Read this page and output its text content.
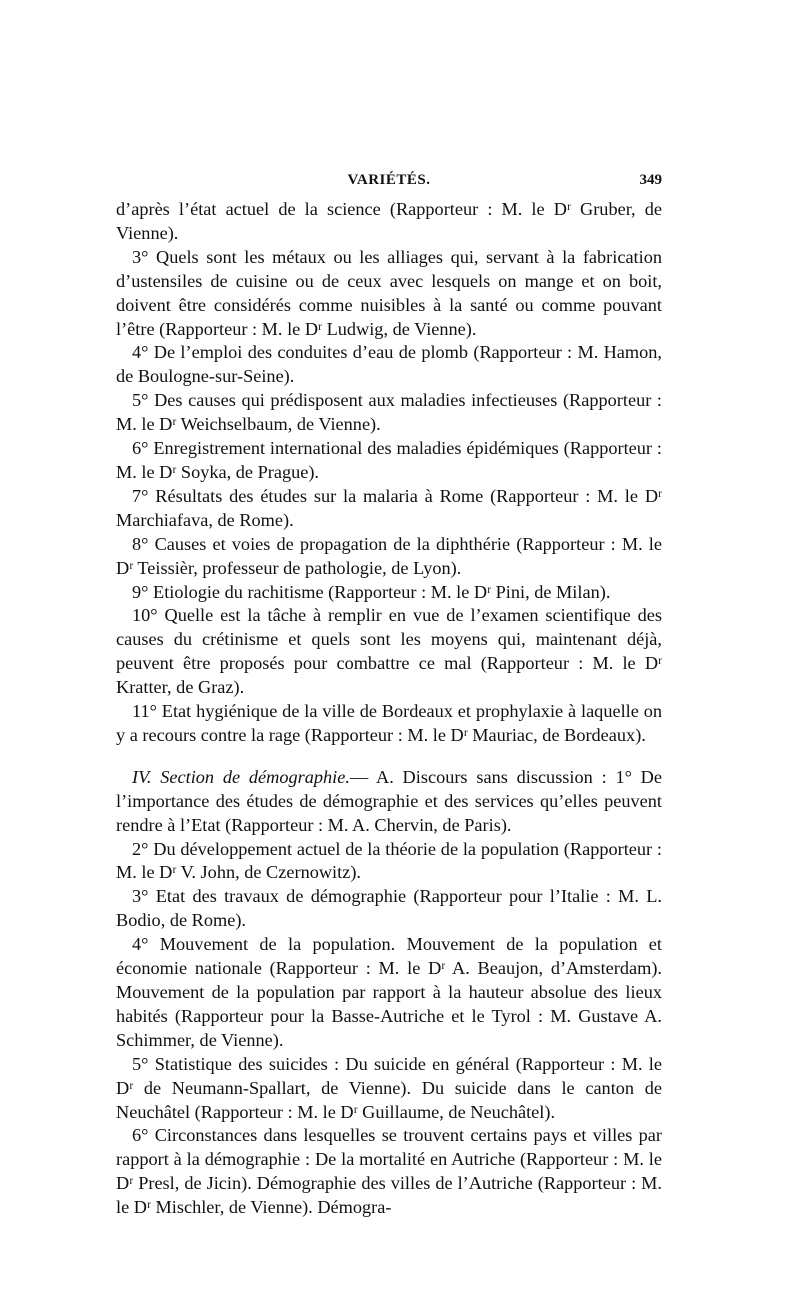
VARIÉTÉS.	349

d’après l’état actuel de la science (Rapporteur : M. le Dʳ Gruber, de Vienne).

3° Quels sont les métaux ou les alliages qui, servant à la fabrication d’ustensiles de cuisine ou de ceux avec lesquels on mange et on boit, doivent être considérés comme nuisibles à la santé ou comme pouvant l’être (Rapporteur : M. le Dʳ Ludwig, de Vienne).

4° De l’emploi des conduites d’eau de plomb (Rapporteur : M. Hamon, de Boulogne-sur-Seine).

5° Des causes qui prédisposent aux maladies infectieuses (Rapporteur : M. le Dʳ Weichselbaum, de Vienne).

6° Enregistrement international des maladies épidémiques (Rapporteur : M. le Dʳ Soyka, de Prague).

7° Résultats des études sur la malaria à Rome (Rapporteur : M. le Dʳ Marchiafava, de Rome).

8° Causes et voies de propagation de la diphthérie (Rapporteur : M. le Dʳ Teissièr, professeur de pathologie, de Lyon).

9° Etiologie du rachitisme (Rapporteur : M. le Dʳ Pini, de Milan).

10° Quelle est la tâche à remplir en vue de l’examen scientifique des causes du crétinisme et quels sont les moyens qui, maintenant déjà, peuvent être proposés pour combattre ce mal (Rapporteur : M. le Dʳ Kratter, de Graz).

11° Etat hygiénique de la ville de Bordeaux et prophylaxie à laquelle on y a recours contre la rage (Rapporteur : M. le Dʳ Mauriac, de Bordeaux).

IV. Section de démographie.— A. Discours sans discussion : 1° De l’importance des études de démographie et des services qu’elles peuvent rendre à l’Etat (Rapporteur : M. A. Chervin, de Paris).

2° Du développement actuel de la théorie de la population (Rapporteur : M. le Dʳ V. John, de Czernowitz).

3° Etat des travaux de démographie (Rapporteur pour l’Italie : M. L. Bodio, de Rome).

4° Mouvement de la population. Mouvement de la population et économie nationale (Rapporteur : M. le Dʳ A. Beaujon, d’Amsterdam). Mouvement de la population par rapport à la hauteur absolue des lieux habités (Rapporteur pour la Basse-Autriche et le Tyrol : M. Gustave A. Schimmer, de Vienne).

5° Statistique des suicides : Du suicide en général (Rapporteur : M. le Dʳ de Neumann-Spallart, de Vienne). Du suicide dans le canton de Neuchâtel (Rapporteur : M. le Dʳ Guillaume, de Neuchâtel).

6° Circonstances dans lesquelles se trouvent certains pays et villes par rapport à la démographie : De la mortalité en Autriche (Rapporteur : M. le Dʳ Presl, de Jicin). Démographie des villes de l’Autriche (Rapporteur : M. le Dʳ Mischler, de Vienne). Démogra-
